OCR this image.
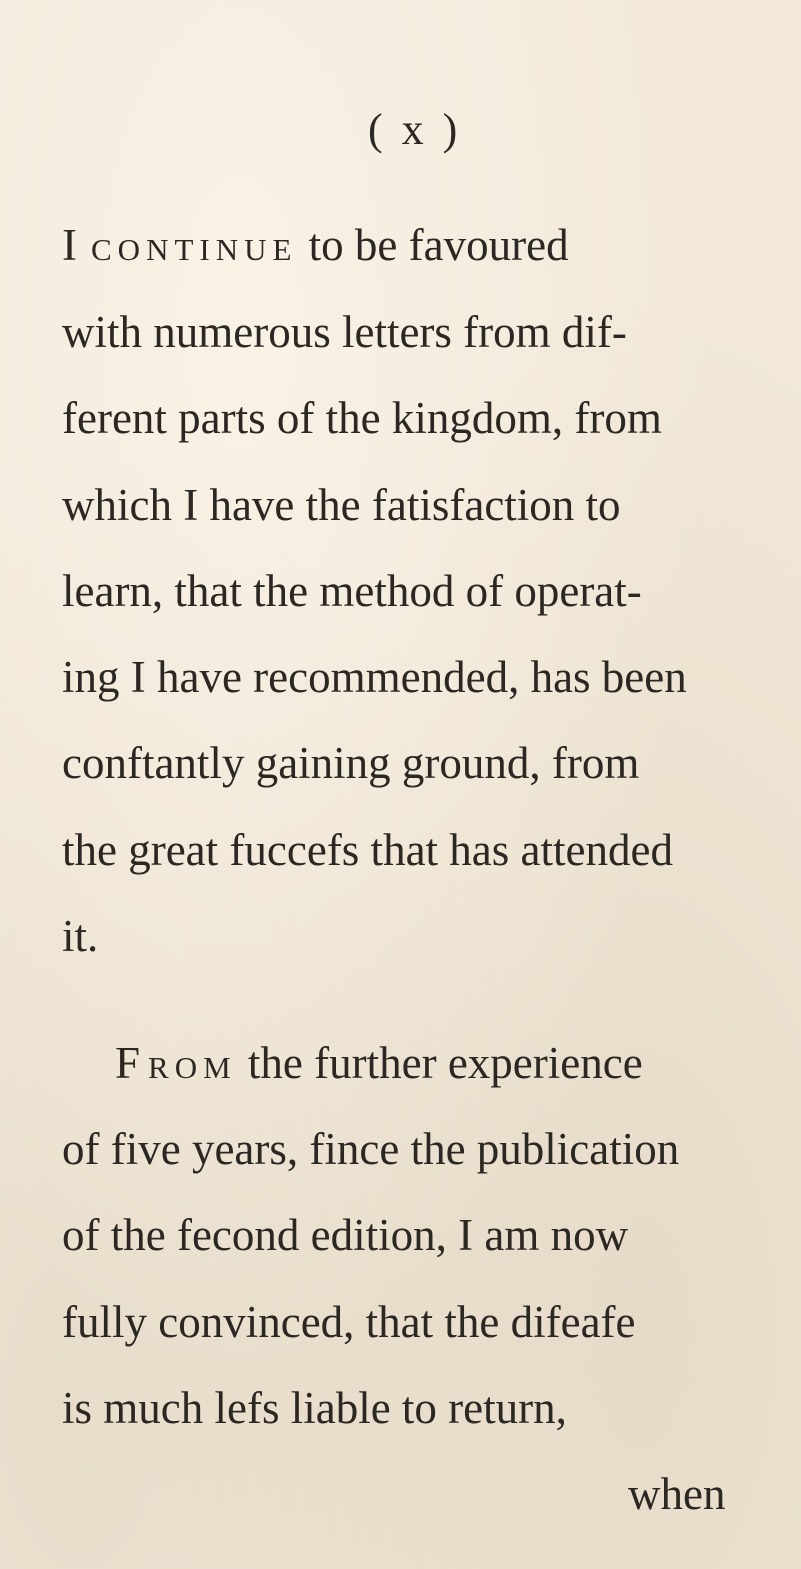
( x )
I CONTINUE to be favoured
with numerous letters from dif-
ferent parts of the kingdom, from
which I have the fatisfaction to
learn, that the method of operat-
ing I have recommended, has been
conftantly gaining ground, from
the great fuccefs that has attended
it.
F ROM the further experience
of five years, fince the publication
of the fecond edition, I am now
fully convinced, that the difeafe
is much lefs liable to return,
when
